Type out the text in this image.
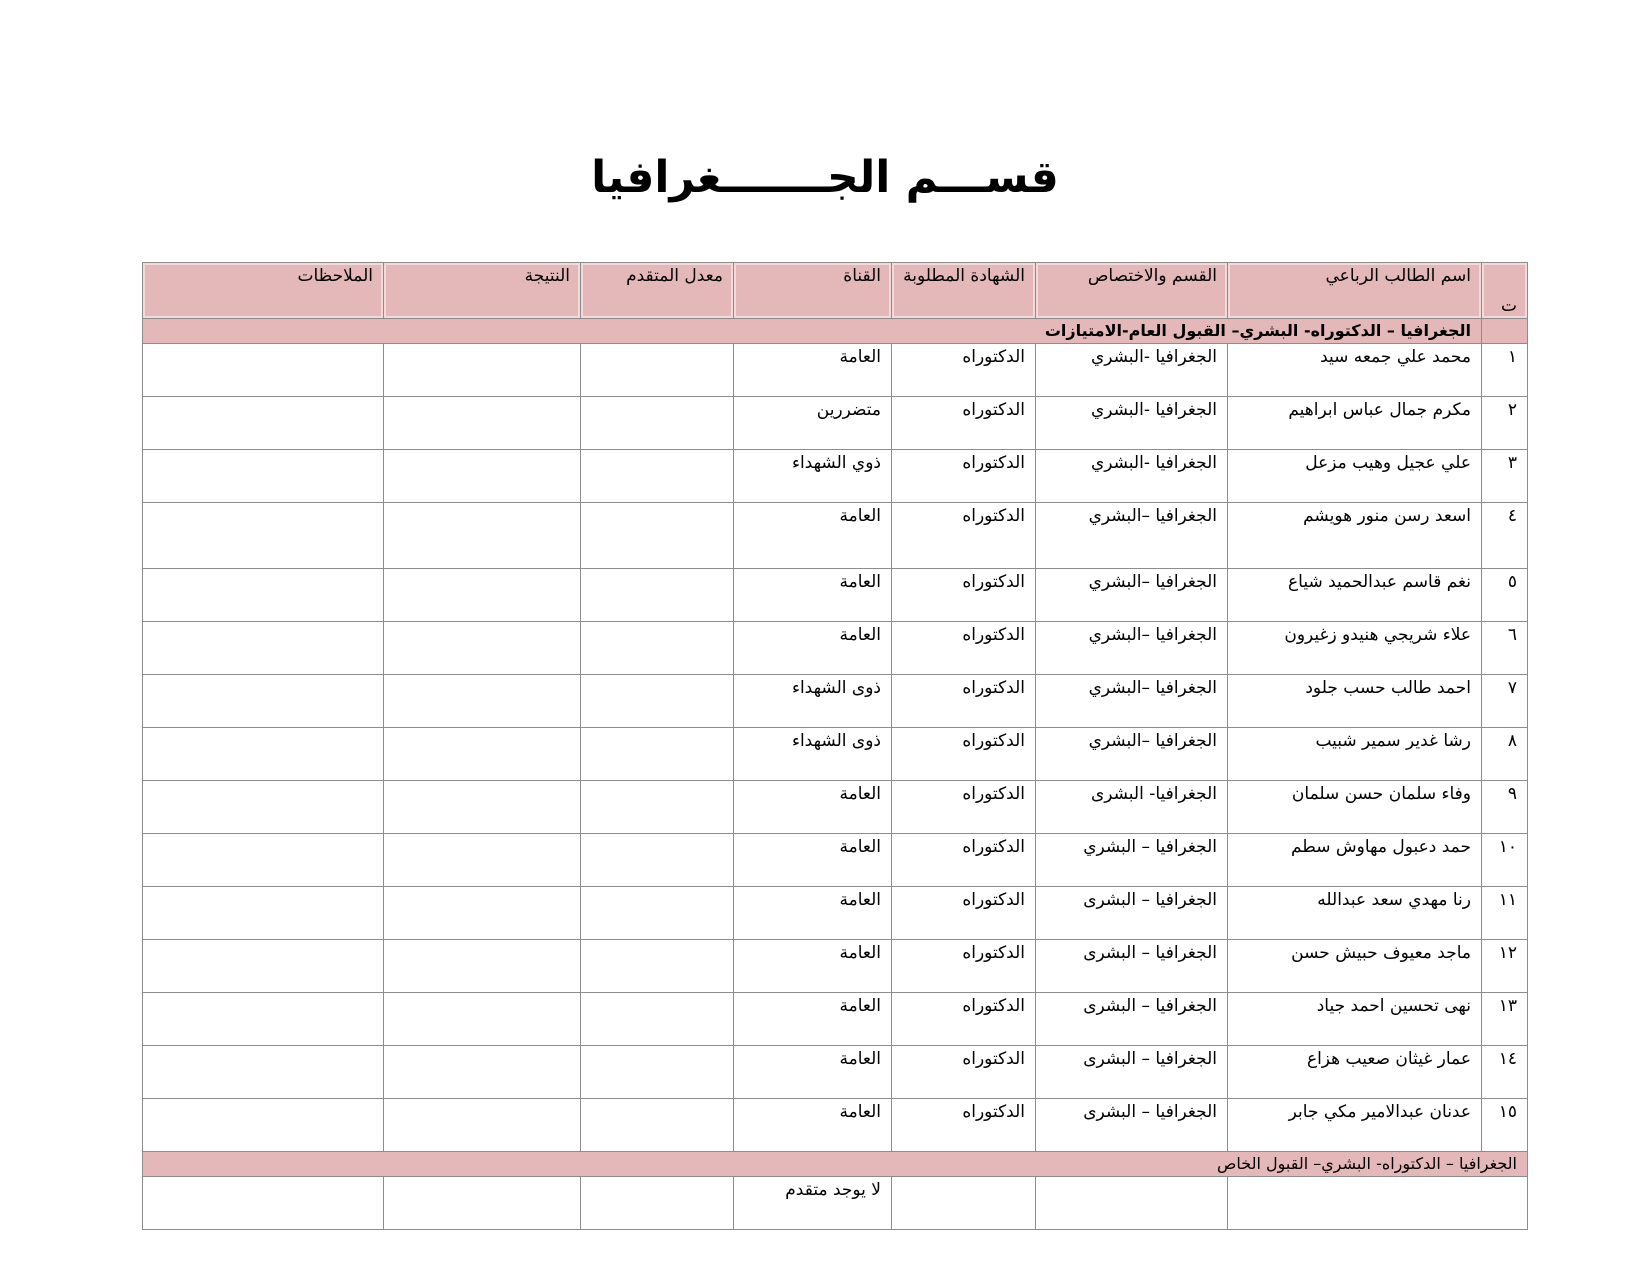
قســـم الجـــــــغرافيا
ت	اسم الطالب الرباعي	القسم والاختصاص	الشهادة المطلوبة	القناة	معدل المتقدم	النتيجة	الملاحظات
	الجغرافيا – الدكتوراه- البشري– القبول العام-الامتيازات						
١	محمد علي جمعه سيد	الجغرافيا -البشري	الدكتوراه	العامة			
٢	مكرم جمال عباس ابراهيم	الجغرافيا -البشري	الدكتوراه	متضررين			
٣	علي عجيل وهيب مزعل	الجغرافيا -البشري	الدكتوراه	ذوي الشهداء			
٤	اسعد رسن منور هويشم	الجغرافيا –البشري	الدكتوراه	العامة			
٥	نغم قاسم عبدالحميد شياع	الجغرافيا –البشري	الدكتوراه	العامة			
٦	علاء شريجي هنيدو زغيرون	الجغرافيا –البشري	الدكتوراه	العامة			
٧	احمد طالب حسب جلود	الجغرافيا –البشري	الدكتوراه	ذوى الشهداء			
٨	رشا غدير سمير شبيب	الجغرافيا –البشري	الدكتوراه	ذوى الشهداء			
٩	وفاء سلمان حسن سلمان	الجغرافيا- البشرى	الدكتوراه	العامة			
١٠	حمد دعبول مهاوش سطم	الجغرافيا – البشري	الدكتوراه	العامة			
١١	رنا مهدي سعد عبدالله	الجغرافيا – البشرى	الدكتوراه	العامة			
١٢	ماجد معيوف حبيش حسن	الجغرافيا – البشرى	الدكتوراه	العامة			
١٣	نهى تحسين احمد جياد	الجغرافيا – البشرى	الدكتوراه	العامة			
١٤	عمار غيثان صعيب هزاع	الجغرافيا – البشرى	الدكتوراه	العامة			
١٥	عدنان عبدالامير مكي جابر	الجغرافيا – البشرى	الدكتوراه	العامة			
الجغرافيا – الدكتوراه- البشري– القبول الخاص							
				لا يوجد متقدم			
